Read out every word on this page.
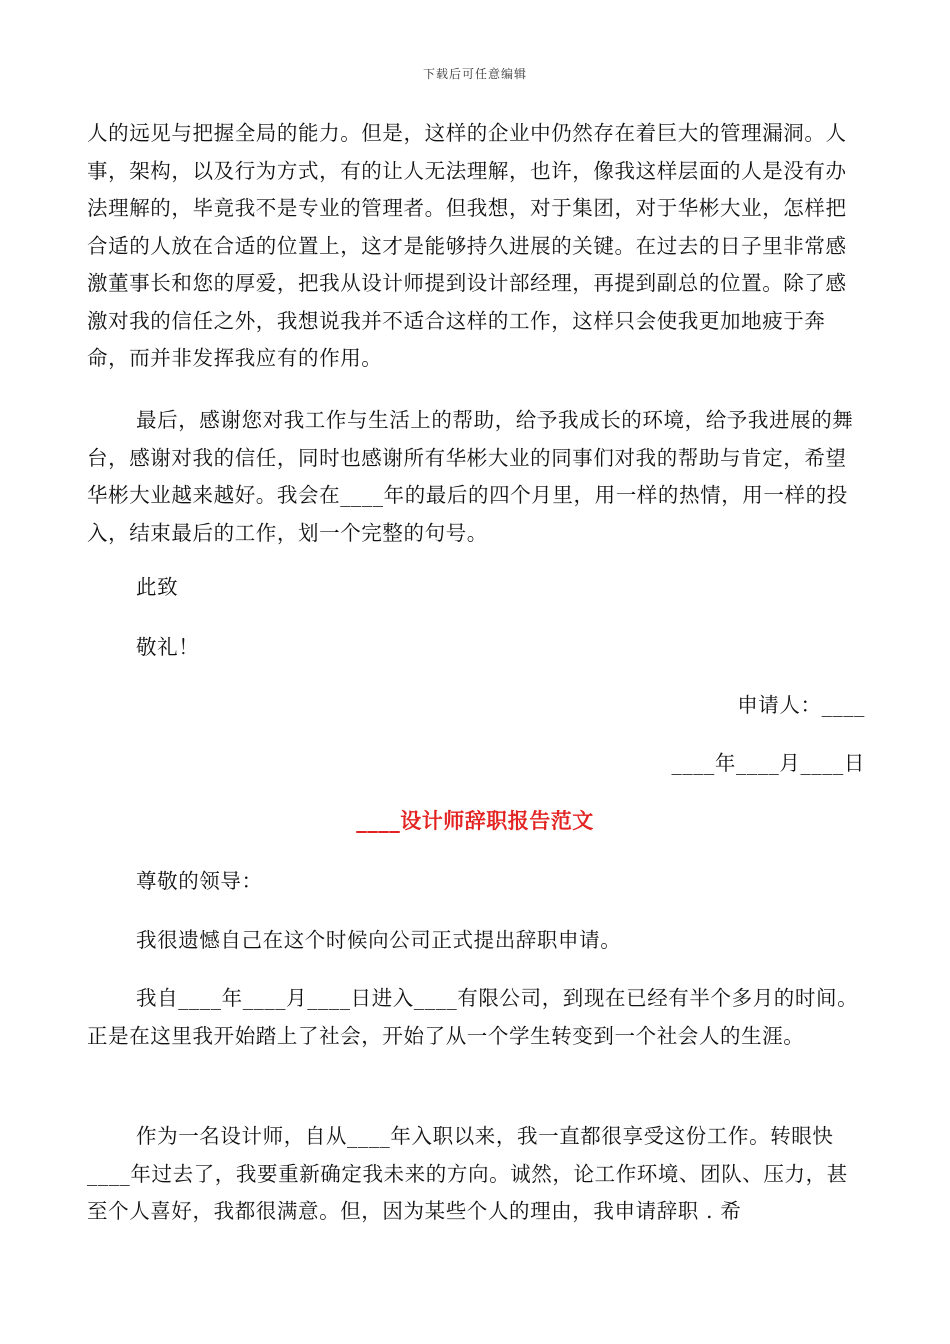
下载后可任意编辑

人的远见与把握全局的能力。但是，这样的企业中仍然存在着巨大的管理漏洞。人事，架构，以及行为方式，有的让人无法理解，也许，像我这样层面的人是没有办法理解的，毕竟我不是专业的管理者。但我想，对于集团，对于华彬大业，怎样把合适的人放在合适的位置上，这才是能够持久进展的关键。在过去的日子里非常感激董事长和您的厚爱，把我从设计师提到设计部经理，再提到副总的位置。除了感激对我的信任之外，我想说我并不适合这样的工作，这样只会使我更加地疲于奔命，而并非发挥我应有的作用。

最后，感谢您对我工作与生活上的帮助，给予我成长的环境，给予我进展的舞台，感谢对我的信任，同时也感谢所有华彬大业的同事们对我的帮助与肯定，希望华彬大业越来越好。我会在____年的最后的四个月里，用一样的热情，用一样的投入，结束最后的工作，划一个完整的句号。

此致

敬礼！

申请人：____

____年____月____日

____设计师辞职报告范文

尊敬的领导：

我很遗憾自己在这个时候向公司正式提出辞职申请。

我自____年____月____日进入____有限公司，到现在已经有半个多月的时间。正是在这里我开始踏上了社会，开始了从一个学生转变到一个社会人的生涯。

作为一名设计师，自从____年入职以来，我一直都很享受这份工作。转眼快____年过去了，我要重新确定我未来的方向。诚然，论工作环境、团队、压力，甚至个人喜好，我都很满意。但，因为某些个人的理由，我申请辞职 . 希
